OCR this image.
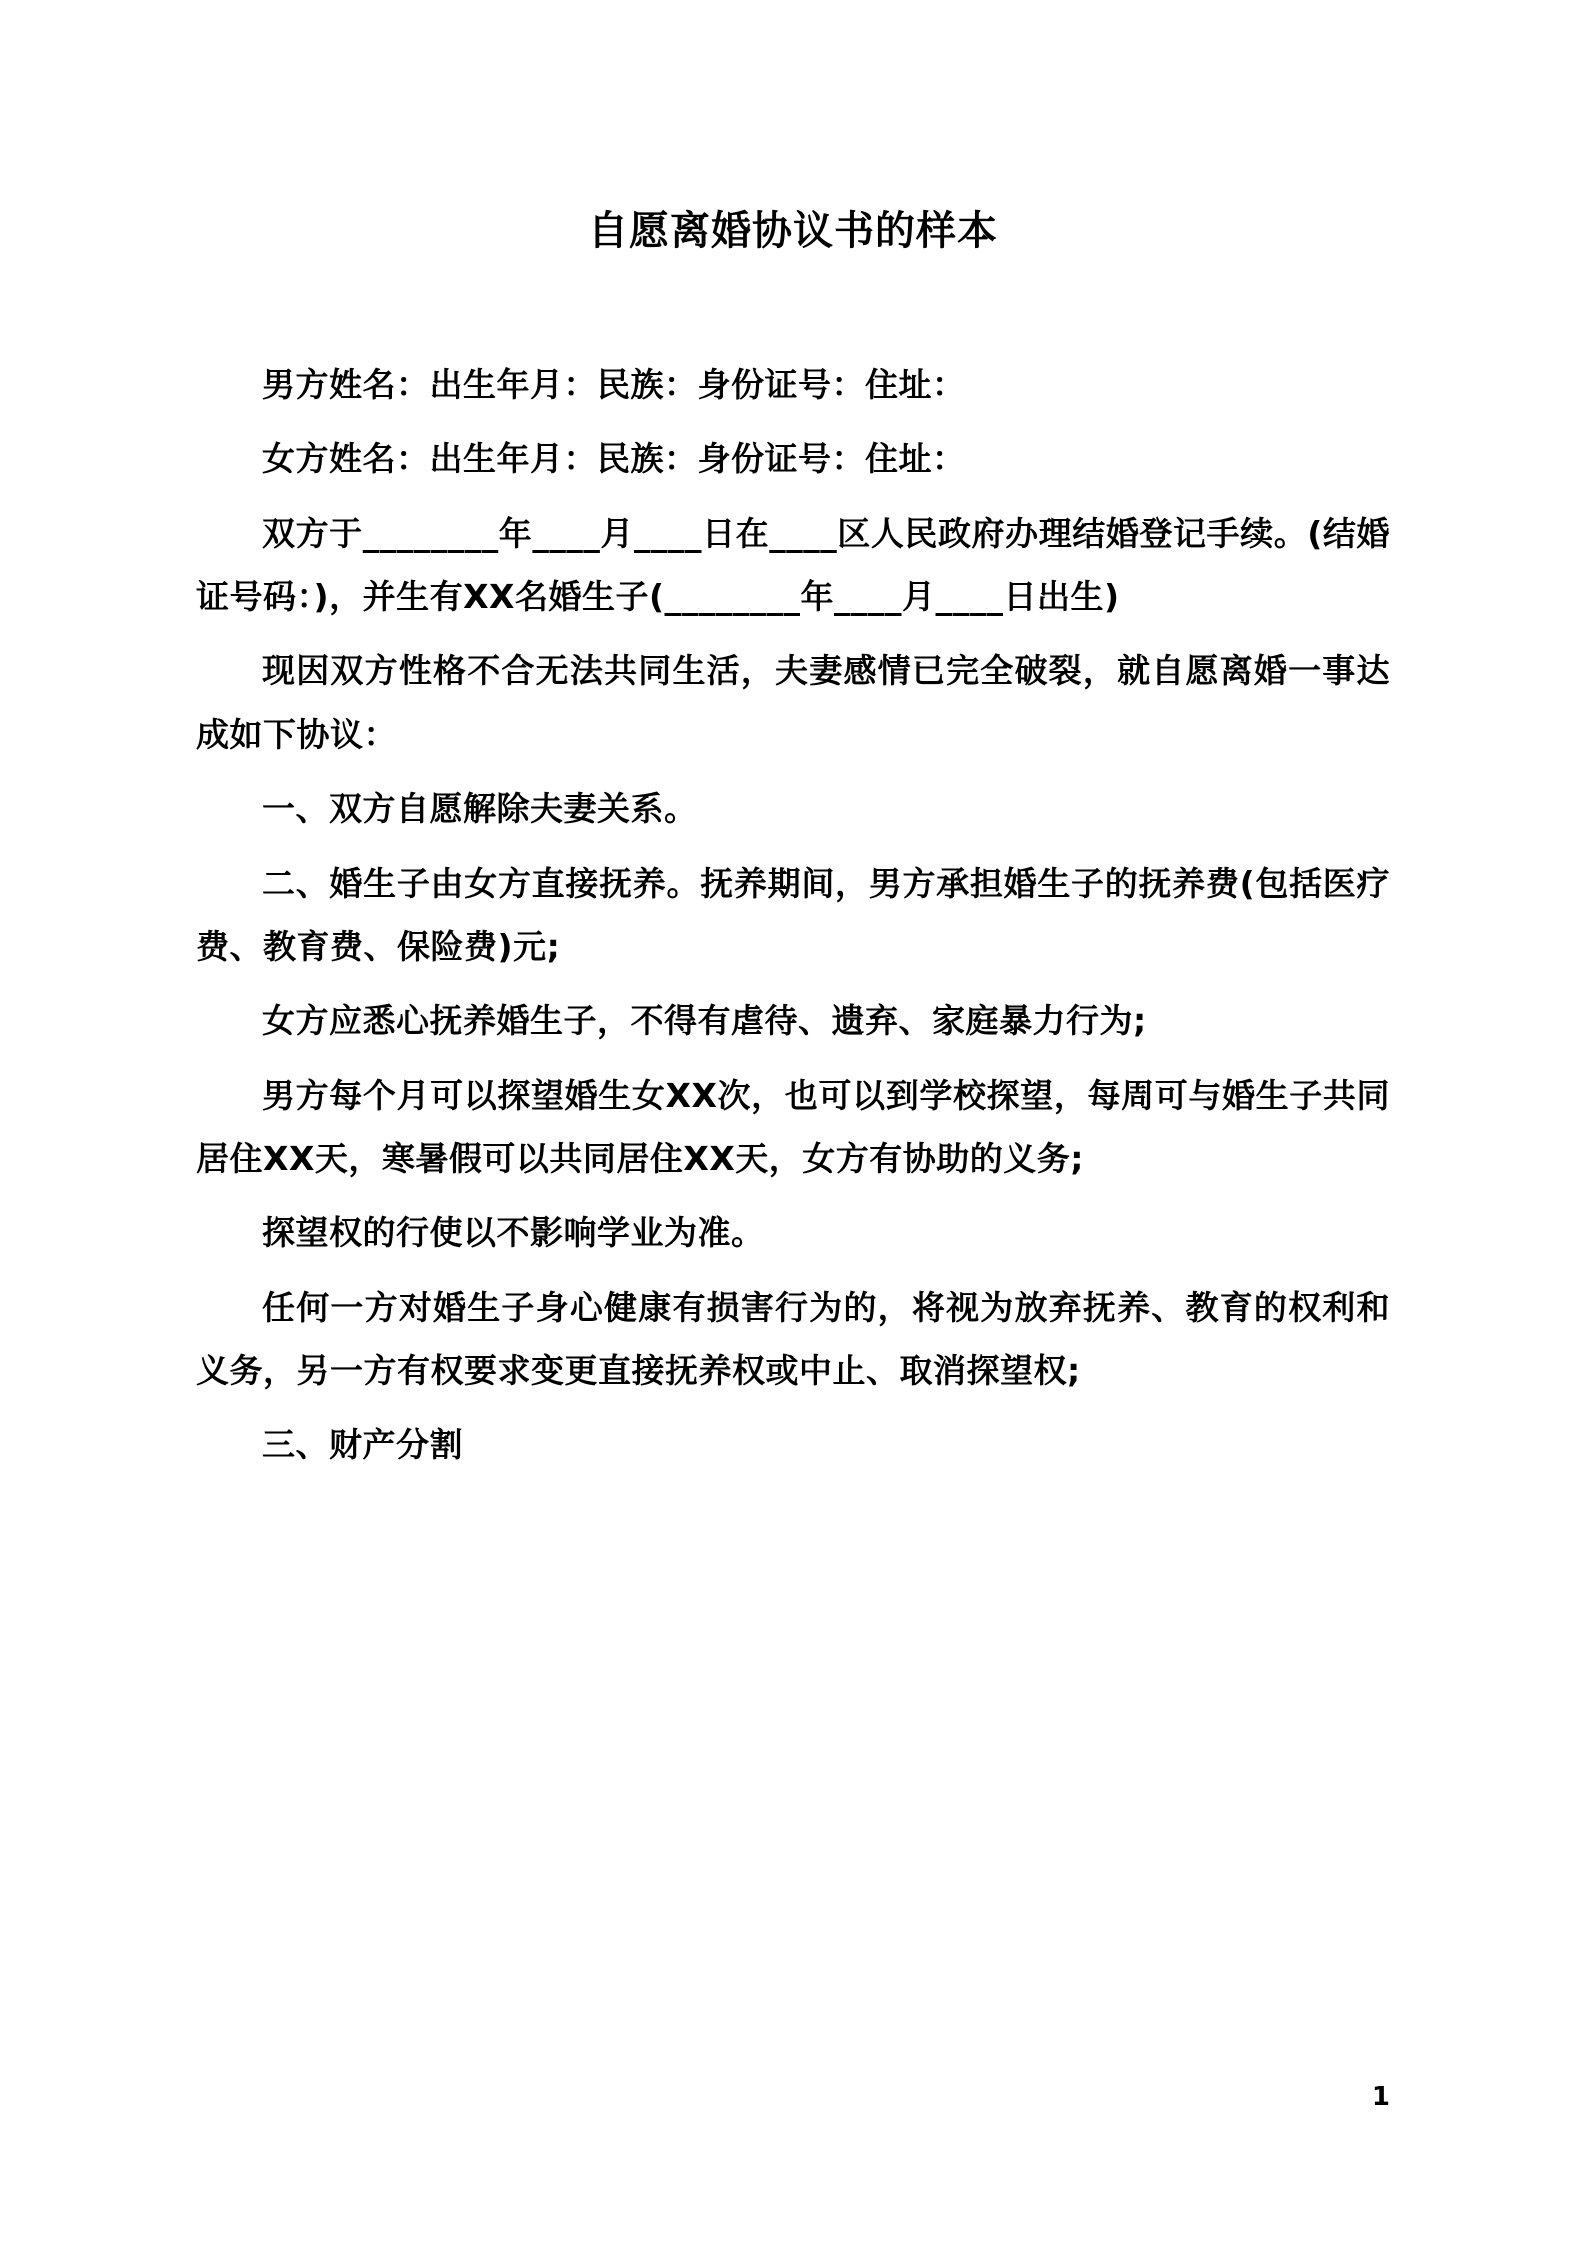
自愿离婚协议书的样本

男方姓名：出生年月：民族：身份证号：住址：

女方姓名：出生年月：民族：身份证号：住址：

双方于________年____月____日在____区人民政府办理结婚登记手续。(结婚证号码：)，并生有XX名婚生子(________年____月____日出生)

现因双方性格不合无法共同生活，夫妻感情已完全破裂，就自愿离婚一事达成如下协议：

一、双方自愿解除夫妻关系。

二、婚生子由女方直接抚养。抚养期间，男方承担婚生子的抚养费(包括医疗费、教育费、保险费)元;

女方应悉心抚养婚生子，不得有虐待、遗弃、家庭暴力行为;

男方每个月可以探望婚生女XX次，也可以到学校探望，每周可与婚生子共同居住XX天，寒暑假可以共同居住XX天，女方有协助的义务;

探望权的行使以不影响学业为准。

任何一方对婚生子身心健康有损害行为的，将视为放弃抚养、教育的权利和义务，另一方有权要求变更直接抚养权或中止、取消探望权;

三、财产分割

1
